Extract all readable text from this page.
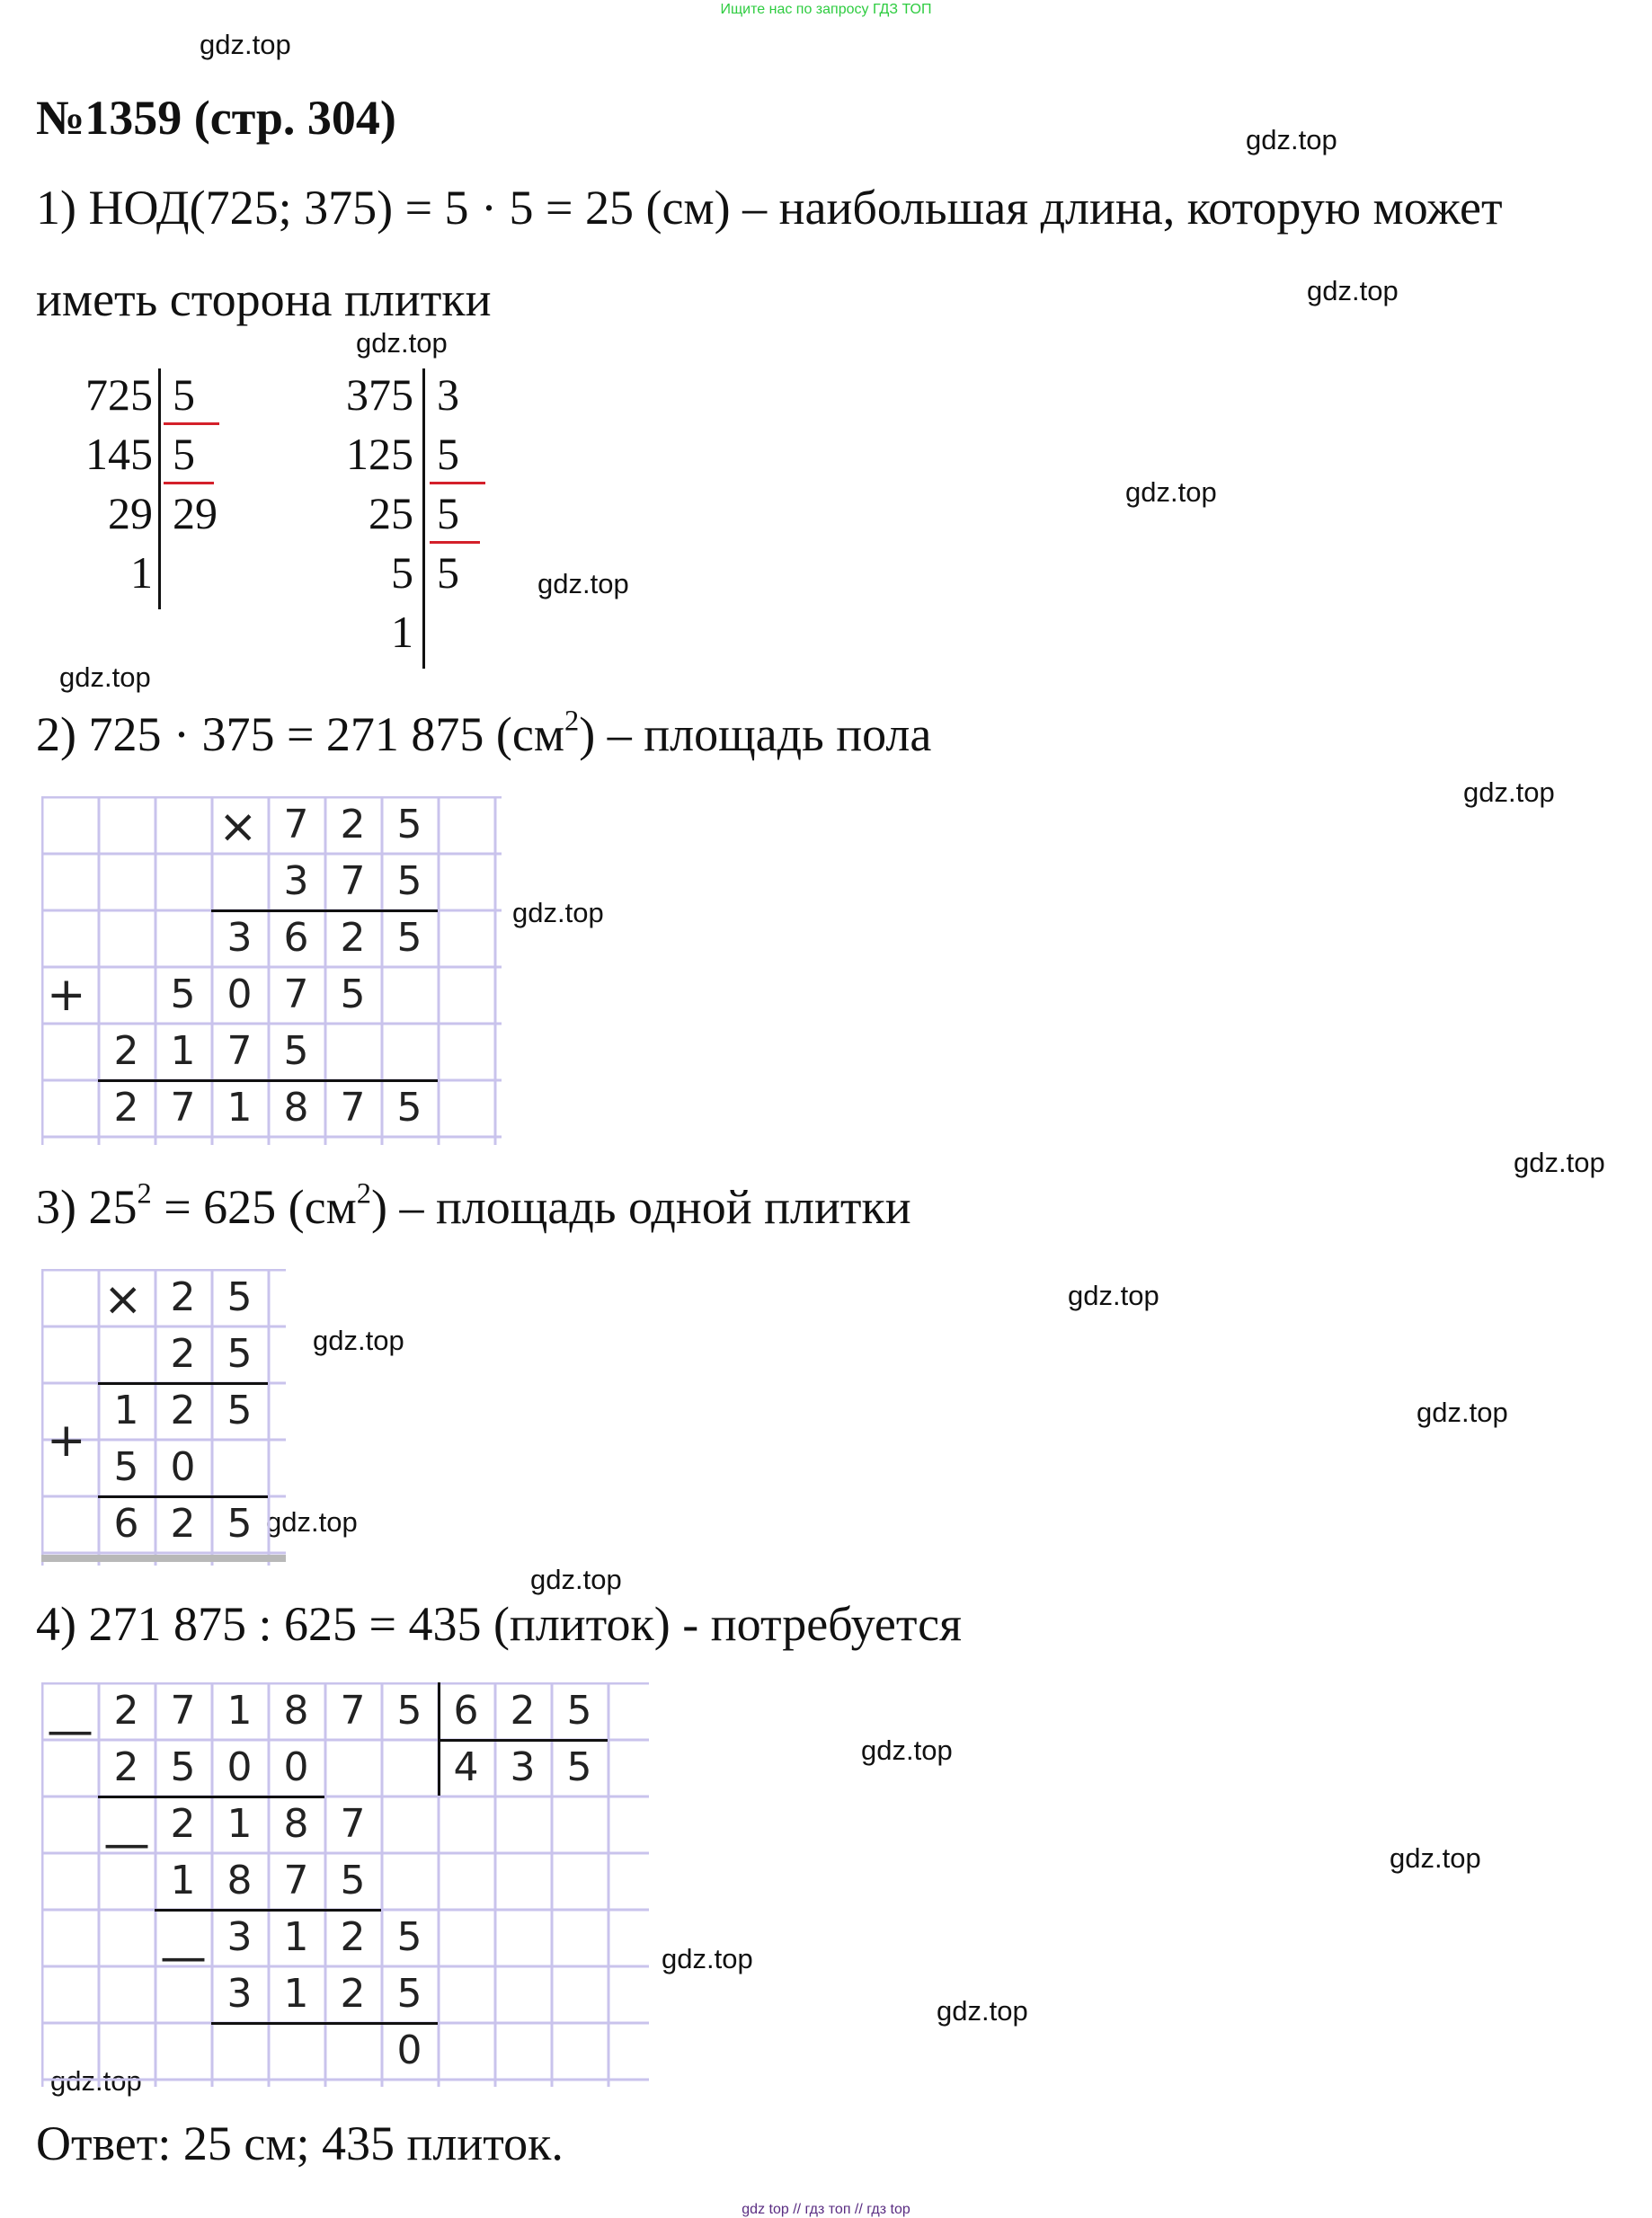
Ищите нас по запросу ГДЗ ТОП
gdz.top
gdz.top
gdz.top
gdz.top
gdz.top
gdz.top
gdz.top
gdz.top
gdz.top
gdz.top
gdz.top
gdz.top
gdz.top
gdz.top
gdz.top
gdz.top
gdz.top
gdz.top
gdz.top
gdz.top
№1359 (стр. 304)
1) НОД(725; 375) = 5 · 5 = 25 (см) – наибольшая длина, которую может
иметь сторона плитки
725
145
29
1
5
5
29
375
125
25
5
1
3
5
5
5
2) 725 · 375 = 271 875 $(см^2)$ – площадь пола
7 2 5
3 7 5
3 6 2 5
5 0 7 5
2 1 7 5
2 7 1 8 7 5
×
+
3) $25^2 = 625$ $(см^2)$ – площадь одной плитки
2 5
2 5
1 2 5
5 0
6 2 5
×
+
4) 271 875 : 625 = 435 (плиток) - потребуется
2 7 1 8 7 5 6 2 5
2 5 0 0	4 3 5
2 1 8 7
1 8 7 5
3 1 2 5
3 1 2 5
0
—
—
—
Ответ: 25 см; 435 плиток.
gdz top // гдз топ // гдз top
